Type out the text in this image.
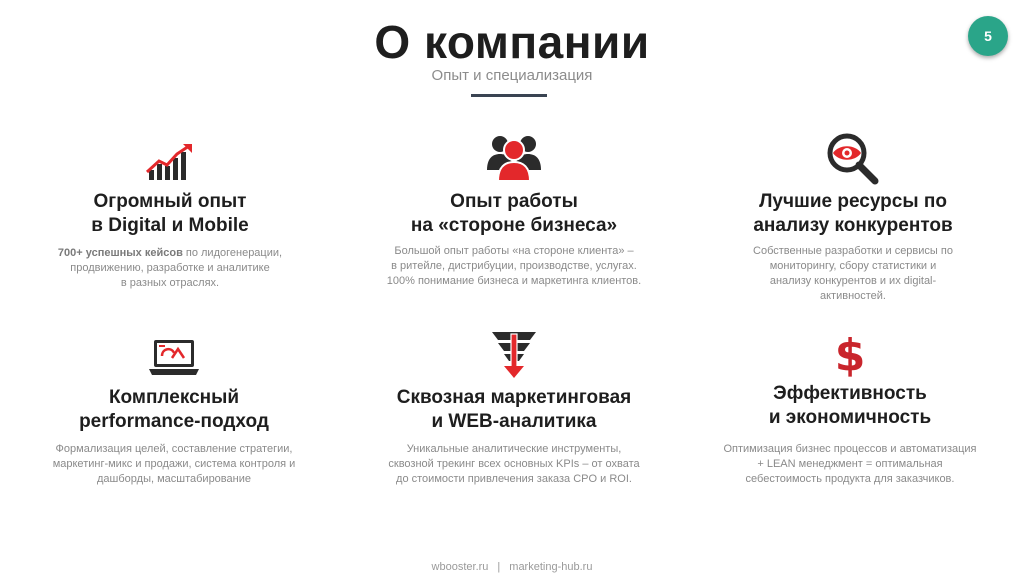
О компании
Опыт и специализация
5
Огромный опыт
в Digital и Mobile
700+ успешных кейсов по лидогенерации,
продвижению, разработке и аналитике
в разных отраслях.
Опыт работы
на «стороне бизнеса»
Большой опыт работы «на стороне клиента» –
в ритейле, дистрибуции, производстве, услугах.
100% понимание бизнеса и маркетинга клиентов.
Лучшие ресурсы по
анализу конкурентов
Собственные разработки и сервисы по
мониторингу, сбору статистики и
анализу конкурентов и их digital-
активностей.
Комплексный
performance-подход
Формализация целей, составление стратегии,
маркетинг-микс и продажи, система контроля и
дашборды, масштабирование
Сквозная маркетинговая
и WEB-аналитика
Уникальные аналитические инструменты,
сквозной трекинг всех основных KPIs – от охвата
до стоимости привлечения заказа CPO и ROI.
$
Эффективность
и экономичность
Оптимизация бизнес процессов и автоматизация
+ LEAN менеджмент = оптимальная
себестоимость продукта для заказчиков.
wbooster.ru | marketing-hub.ru
